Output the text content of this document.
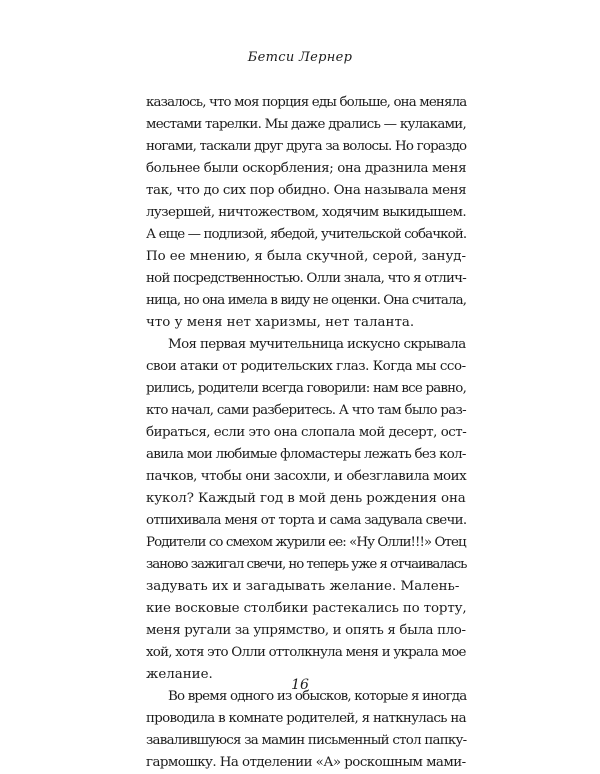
Бетси Лернер
казалось, что моя порция еды больше, она меняла
местами тарелки. Мы даже дрались — кулаками,
ногами, таскали друг друга за волосы. Но гораздо
больнее были оскорбления; она дразнила меня
так, что до сих пор обидно. Она называла меня
лузершей, ничтожеством, ходячим выкидышем.
А еще — подлизой, ябедой, учительской собачкой.
По ее мнению, я была скучной, серой, зануд-
ной посредственностью. Олли знала, что я отлич-
ница, но она имела в виду не оценки. Она считала,
что у меня нет харизмы, нет таланта.
Моя первая мучительница искусно скрывала
свои атаки от родительских глаз. Когда мы ссо-
рились, родители всегда говорили: нам все равно,
кто начал, сами разберитесь. А что там было раз-
бираться, если это она слопала мой десерт, ост-
авила мои любимые фломастеры лежать без кол-
пачков, чтобы они засохли, и обезглавила моих
кукол? Каждый год в мой день рождения она
отпихивала меня от торта и сама задувала свечи.
Родители со смехом журили ее: «Ну Олли!!!» Отец
заново зажигал свечи, но теперь уже я отчаивалась
задувать их и загадывать желание. Малень-
кие восковые столбики растекались по торту,
меня ругали за упрямство, и опять я была пло-
хой, хотя это Олли оттолкнула меня и украла мое
желание.
Во время одного из обысков, которые я иногда
проводила в комнате родителей, я наткнулась на
завалившуюся за мамин письменный стол папку-
гармошку. На отделении «А» роскошным мами-
16
